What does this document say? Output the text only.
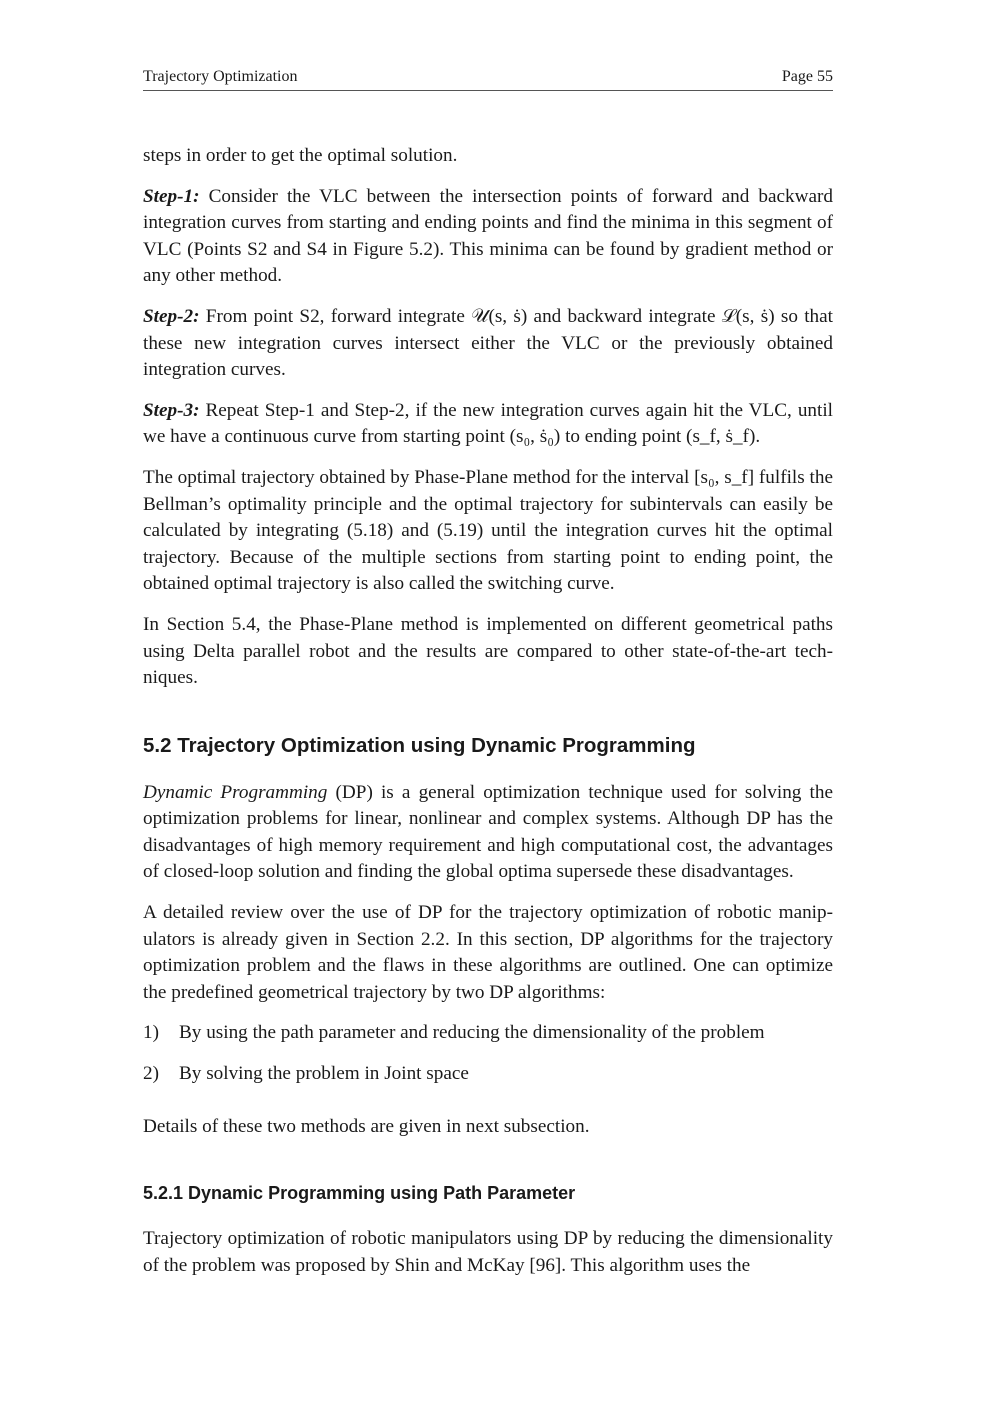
Trajectory Optimization	Page 55

steps in order to get the optimal solution.

Step-1: Consider the VLC between the intersection points of forward and backward integration curves from starting and ending points and find the minima in this segment of VLC (Points S2 and S4 in Figure 5.2). This minima can be found by gradient method or any other method.

Step-2: From point S2, forward integrate 𝒰(s, ṡ) and backward integrate ℒ(s, ṡ) so that these new integration curves intersect either the VLC or the previously obtained integration curves.

Step-3: Repeat Step-1 and Step-2, if the new integration curves again hit the VLC, until we have a continuous curve from starting point (s₀, ṡ₀) to ending point (s_f, ṡ_f).

The optimal trajectory obtained by Phase-Plane method for the interval [s₀, s_f] fulfils the Bellman’s optimality principle and the optimal trajectory for subintervals can easily be calculated by integrating (5.18) and (5.19) until the integration curves hit the optimal trajectory. Because of the multiple sections from starting point to ending point, the obtained optimal trajectory is also called the switching curve.

In Section 5.4, the Phase-Plane method is implemented on different geometrical paths using Delta parallel robot and the results are compared to other state-of-the-art techniques.

5.2 Trajectory Optimization using Dynamic Programming

Dynamic Programming (DP) is a general optimization technique used for solving the optimization problems for linear, nonlinear and complex systems. Although DP has the disadvantages of high memory requirement and high computational cost, the advantages of closed-loop solution and finding the global optima supersede these disadvantages.

A detailed review over the use of DP for the trajectory optimization of robotic manipulators is already given in Section 2.2. In this section, DP algorithms for the trajectory optimization problem and the flaws in these algorithms are outlined. One can optimize the predefined geometrical trajectory by two DP algorithms:

1)	By using the path parameter and reducing the dimensionality of the problem
2)	By solving the problem in Joint space

Details of these two methods are given in next subsection.

5.2.1 Dynamic Programming using Path Parameter

Trajectory optimization of robotic manipulators using DP by reducing the dimensionality of the problem was proposed by Shin and McKay [96]. This algorithm uses the
